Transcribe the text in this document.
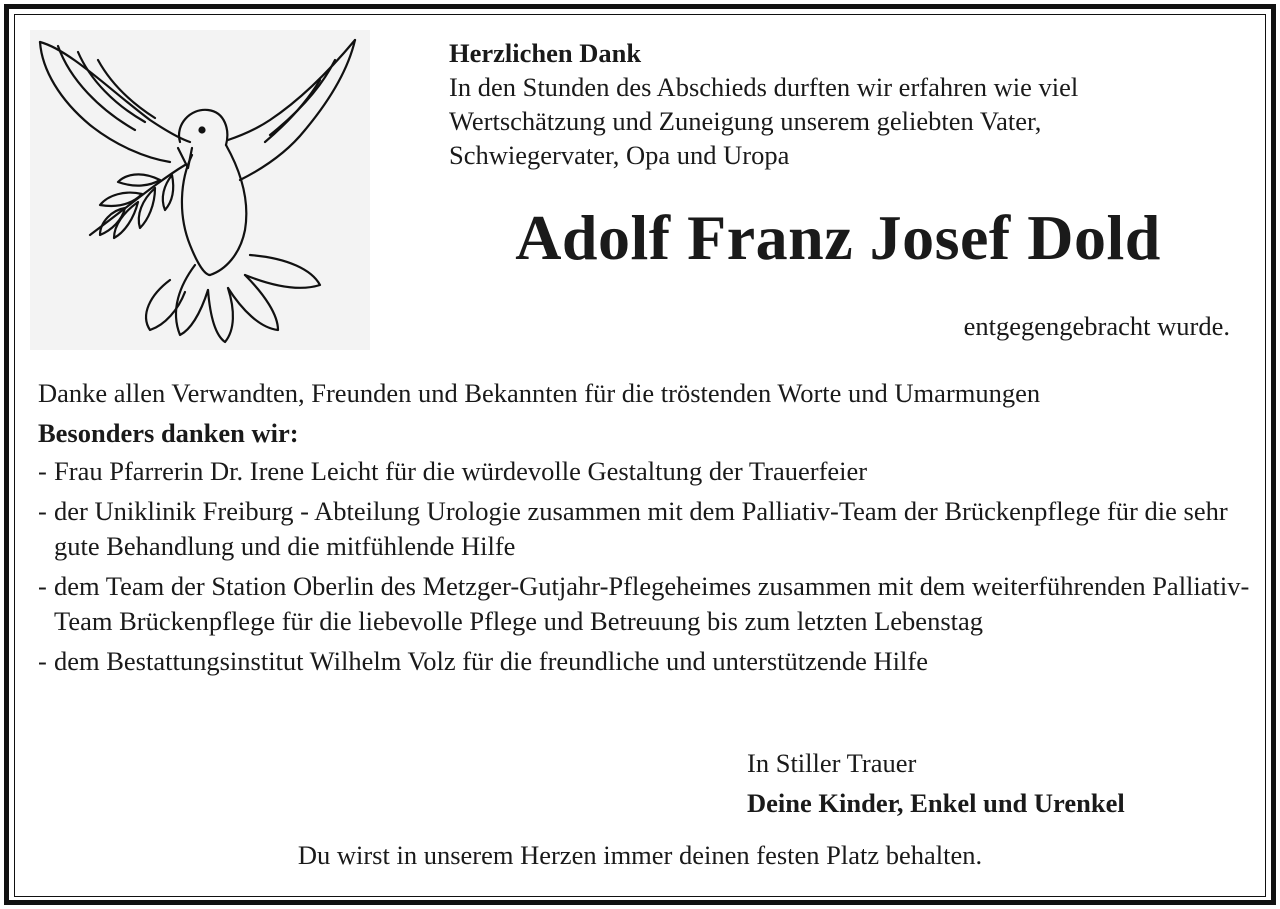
Herzlichen Dank
In den Stunden des Abschieds durften wir erfahren wie viel
Wertschätzung und Zuneigung unserem geliebten Vater,
Schwiegervater, Opa und Uropa
Adolf Franz Josef Dold
entgegengebracht wurde.
Danke allen Verwandten, Freunden und Bekannten für die tröstenden Worte und Umarmungen
Besonders danken wir:
- Frau Pfarrerin Dr. Irene Leicht für die würdevolle Gestaltung der Trauerfeier
- der Uniklinik Freiburg - Abteilung Urologie zusammen mit dem Palliativ-Team der Brückenpflege für die sehr gute Behandlung und die mitfühlende Hilfe
- dem Team der Station Oberlin des Metzger-Gutjahr-Pflegeheimes zusammen mit dem weiterführenden Palliativ-Team Brückenpflege für die liebevolle Pflege und Betreuung bis zum letzten Lebenstag
- dem Bestattungsinstitut Wilhelm Volz für die freundliche und unterstützende Hilfe
In Stiller Trauer
Deine Kinder, Enkel und Urenkel
Du wirst in unserem Herzen immer deinen festen Platz behalten.
